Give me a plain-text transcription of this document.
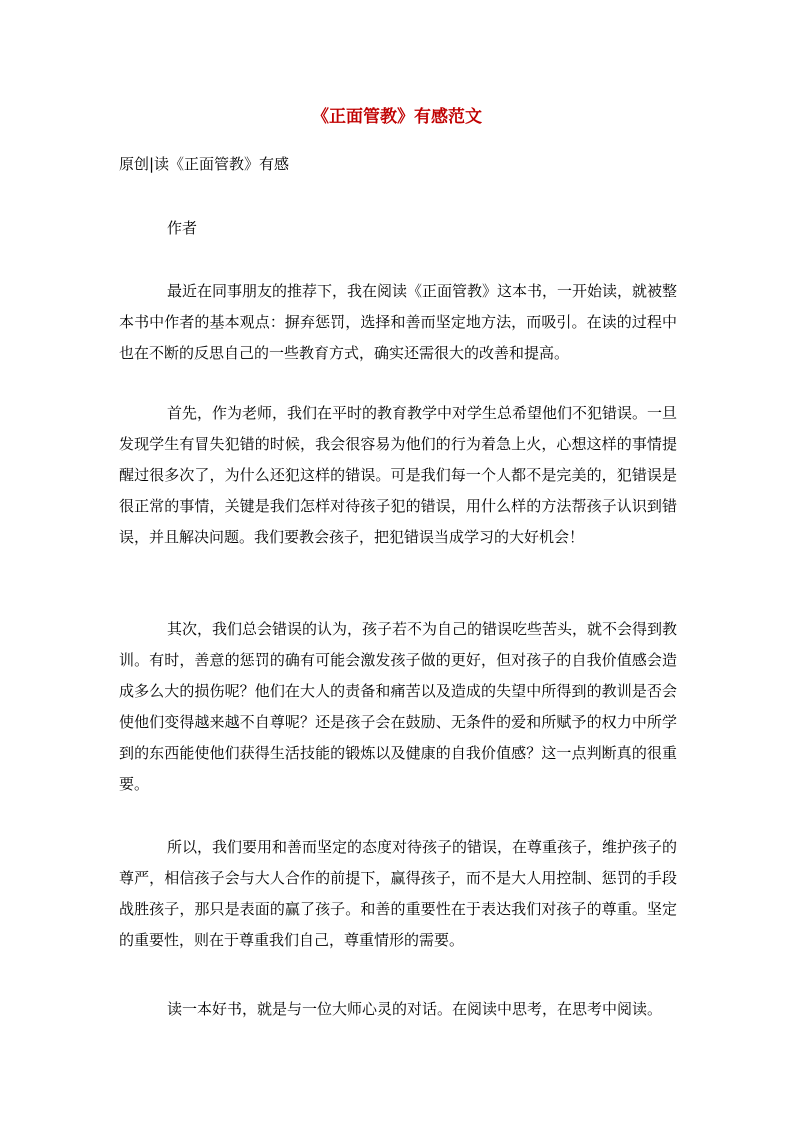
《正面管教》有感范文
原创|读《正面管教》有感
作者

最近在同事朋友的推荐下，我在阅读《正面管教》这本书，一开始读，就被整本书中作者的基本观点：摒弃惩罚，选择和善而坚定地方法，而吸引。在读的过程中也在不断的反思自己的一些教育方式，确实还需很大的改善和提高。

首先，作为老师，我们在平时的教育教学中对学生总希望他们不犯错误。一旦发现学生有冒失犯错的时候，我会很容易为他们的行为着急上火，心想这样的事情提醒过很多次了，为什么还犯这样的错误。可是我们每一个人都不是完美的，犯错误是很正常的事情，关键是我们怎样对待孩子犯的错误，用什么样的方法帮孩子认识到错误，并且解决问题。我们要教会孩子，把犯错误当成学习的大好机会！

其次，我们总会错误的认为，孩子若不为自己的错误吃些苦头，就不会得到教训。有时，善意的惩罚的确有可能会激发孩子做的更好，但对孩子的自我价值感会造成多么大的损伤呢？他们在大人的责备和痛苦以及造成的失望中所得到的教训是否会使他们变得越来越不自尊呢？还是孩子会在鼓励、无条件的爱和所赋予的权力中所学到的东西能使他们获得生活技能的锻炼以及健康的自我价值感？这一点判断真的很重要。

所以，我们要用和善而坚定的态度对待孩子的错误，在尊重孩子，维护孩子的尊严，相信孩子会与大人合作的前提下，赢得孩子，而不是大人用控制、惩罚的手段战胜孩子，那只是表面的赢了孩子。和善的重要性在于表达我们对孩子的尊重。坚定的重要性，则在于尊重我们自己，尊重情形的需要。

读一本好书，就是与一位大师心灵的对话。在阅读中思考，在思考中阅读。
